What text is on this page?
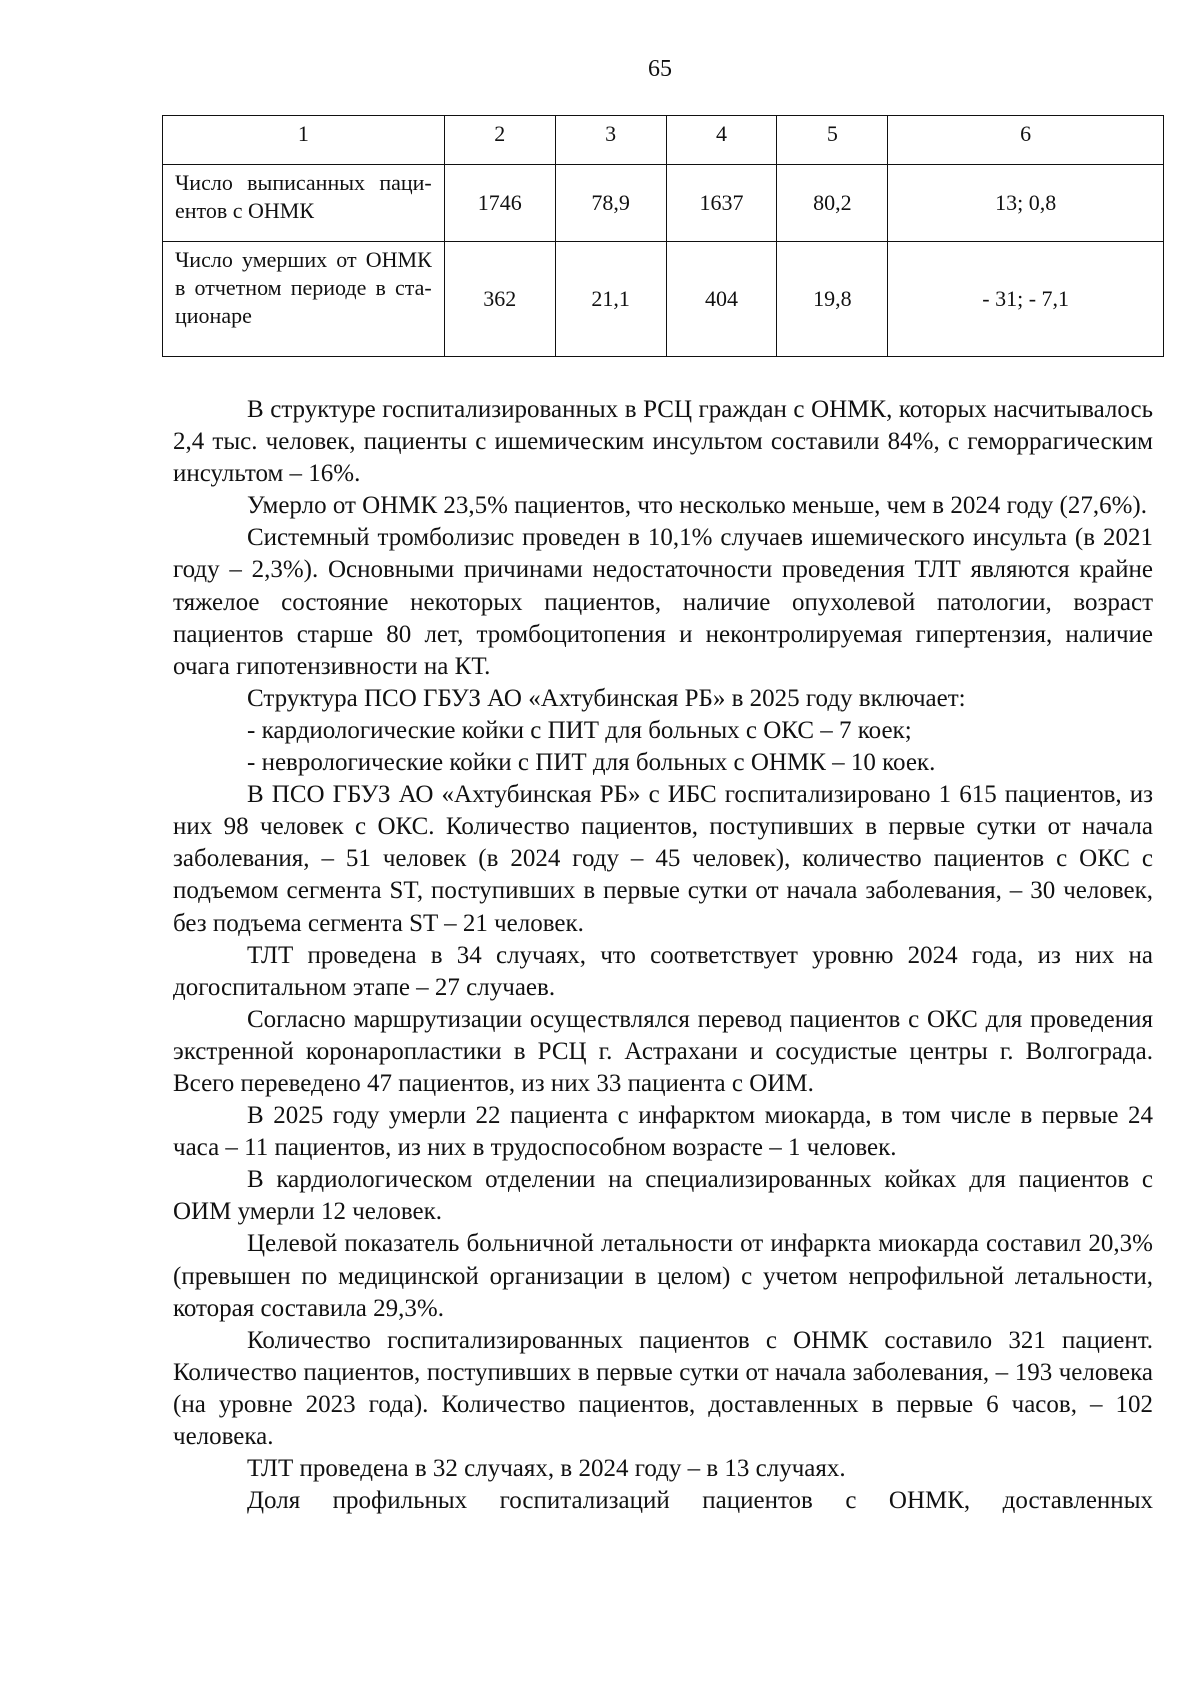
65
1	2	3	4	5	6
Число выписанных паци-ентов с ОНМК	1746	78,9	1637	80,2	13; 0,8
Число умерших от ОНМК в отчетном периоде в ста-ционаре	362	21,1	404	19,8	- 31; - 7,1

В структуре госпитализированных в РСЦ граждан с ОНМК, которых насчитывалось 2,4 тыс. человек, пациенты с ишемическим инсультом составили 84%, с геморрагическим инсультом – 16%.

Умерло от ОНМК 23,5% пациентов, что несколько меньше, чем в 2024 году (27,6%).

Системный тромболизис проведен в 10,1% случаев ишемического инсульта (в 2021 году – 2,3%). Основными причинами недостаточности проведения ТЛТ являются крайне тяжелое состояние некоторых пациентов, наличие опухолевой патологии, возраст пациентов старше 80 лет, тромбоцитопения и неконтролируемая гипертензия, наличие очага гипотензивности на КТ.

Структура ПСО ГБУЗ АО «Ахтубинская РБ» в 2025 году включает:

- кардиологические койки с ПИТ для больных с ОКС – 7 коек;

- неврологические койки с ПИТ для больных с ОНМК – 10 коек.

В ПСО ГБУЗ АО «Ахтубинская РБ» с ИБС госпитализировано 1 615 пациентов, из них 98 человек с ОКС. Количество пациентов, поступивших в первые сутки от начала заболевания, – 51 человек (в 2024 году – 45 человек), количество пациентов с ОКС с подъемом сегмента ST, поступивших в первые сутки от начала заболевания, – 30 человек, без подъема сегмента ST – 21 человек.

ТЛТ проведена в 34 случаях, что соответствует уровню 2024 года, из них на догоспитальном этапе – 27 случаев.

Согласно маршрутизации осуществлялся перевод пациентов с ОКС для проведения экстренной коронаропластики в РСЦ г. Астрахани и сосудистые центры г. Волгограда. Всего переведено 47 пациентов, из них 33 пациента с ОИМ.

В 2025 году умерли 22 пациента с инфарктом миокарда, в том числе в первые 24 часа – 11 пациентов, из них в трудоспособном возрасте – 1 человек.

В кардиологическом отделении на специализированных койках для пациентов с ОИМ умерли 12 человек.

Целевой показатель больничной летальности от инфаркта миокарда составил 20,3% (превышен по медицинской организации в целом) с учетом непрофильной летальности, которая составила 29,3%.

Количество госпитализированных пациентов с ОНМК составило 321 пациент. Количество пациентов, поступивших в первые сутки от начала заболевания, – 193 человека (на уровне 2023 года). Количество пациентов, доставленных в первые 6 часов, – 102 человека.

ТЛТ проведена в 32 случаях, в 2024 году – в 13 случаях.

Доля профильных госпитализаций пациентов с ОНМК, доставленных
